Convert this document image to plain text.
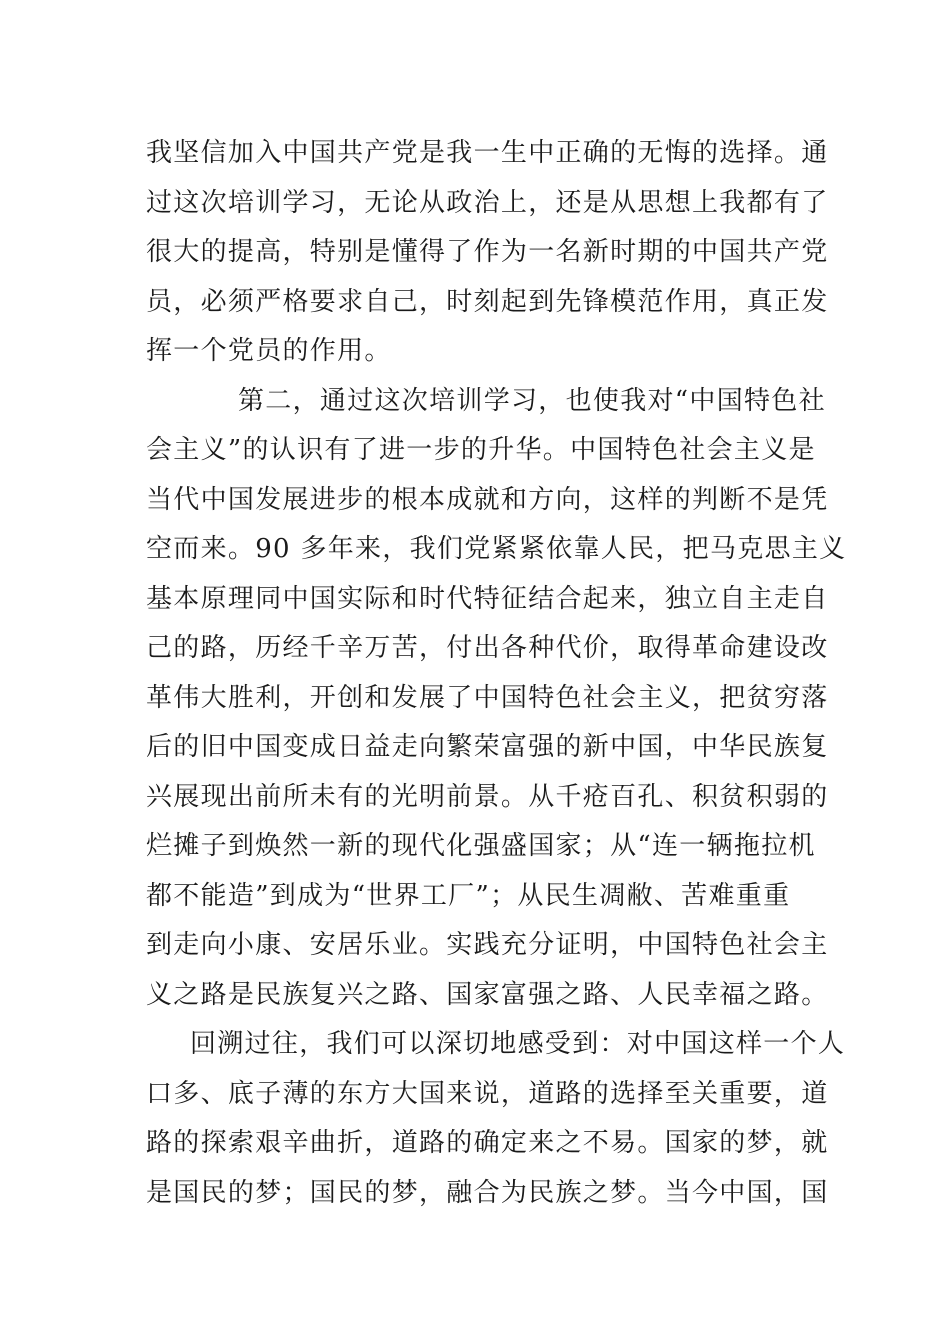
我坚信加入中国共产党是我一生中正确的无悔的选择。通
过这次培训学习，无论从政治上，还是从思想上我都有了
很大的提高，特别是懂得了作为一名新时期的中国共产党
员，必须严格要求自己，时刻起到先锋模范作用，真正发
挥一个党员的作用。
第二，通过这次培训学习，也使我对“中国特色社
会主义”的认识有了进一步的升华。中国特色社会主义是
当代中国发展进步的根本成就和方向，这样的判断不是凭
空而来。90 多年来，我们党紧紧依靠人民，把马克思主义
基本原理同中国实际和时代特征结合起来，独立自主走自
己的路，历经千辛万苦，付出各种代价，取得革命建设改
革伟大胜利，开创和发展了中国特色社会主义，把贫穷落
后的旧中国变成日益走向繁荣富强的新中国，中华民族复
兴展现出前所未有的光明前景。从千疮百孔、积贫积弱的
烂摊子到焕然一新的现代化强盛国家；从“连一辆拖拉机
都不能造”到成为“世界工厂”；从民生凋敝、苦难重重
到走向小康、安居乐业。实践充分证明，中国特色社会主
义之路是民族复兴之路、国家富强之路、人民幸福之路。
回溯过往，我们可以深切地感受到：对中国这样一个人
口多、底子薄的东方大国来说，道路的选择至关重要，道
路的探索艰辛曲折，道路的确定来之不易。国家的梦，就
是国民的梦；国民的梦，融合为民族之梦。当今中国，国
